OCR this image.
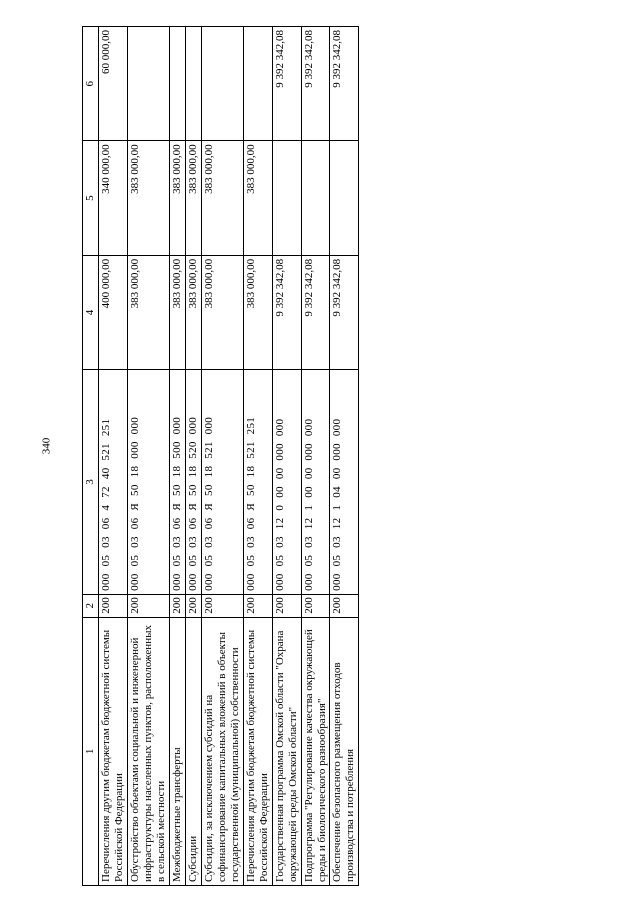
340
1	2	3	4	5	6
Перечисления другим бюджетам бюджетной системы Российской Федерации	200	00005030647240521251	400 000,00	340 000,00	60 000,00
Обустройство объектами социальной и инженерной инфраструктуры населенных пунктов, расположенных в сельской местности	200	000050306Я5018000000	383 000,00	383 000,00	
Межбюджетные трансферты	200	000050306Я5018500000	383 000,00	383 000,00	
Субсидии	200	000050306Я5018520000	383 000,00	383 000,00	
Субсидии, за исключением субсидий на софинансирование капитальных вложений в объекты государственной (муниципальной) собственности	200	000050306Я5018521000	383 000,00	383 000,00	
Перечисления другим бюджетам бюджетной системы Российской Федерации	200	000050306Я5018521251	383 000,00	383 000,00	
Государственная программа Омской области "Охрана окружающей среды Омской области"	200	00005031200000000000	9 392 342,08		9 392 342,08
Подпрограмма "Регулирование качества окружающей среды и биологического разнообразия"	200	00005031210000000000	9 392 342,08		9 392 342,08
Обеспечение безопасного размещения отходов производства и потребления	200	00005031210400000000	9 392 342,08		9 392 342,08
